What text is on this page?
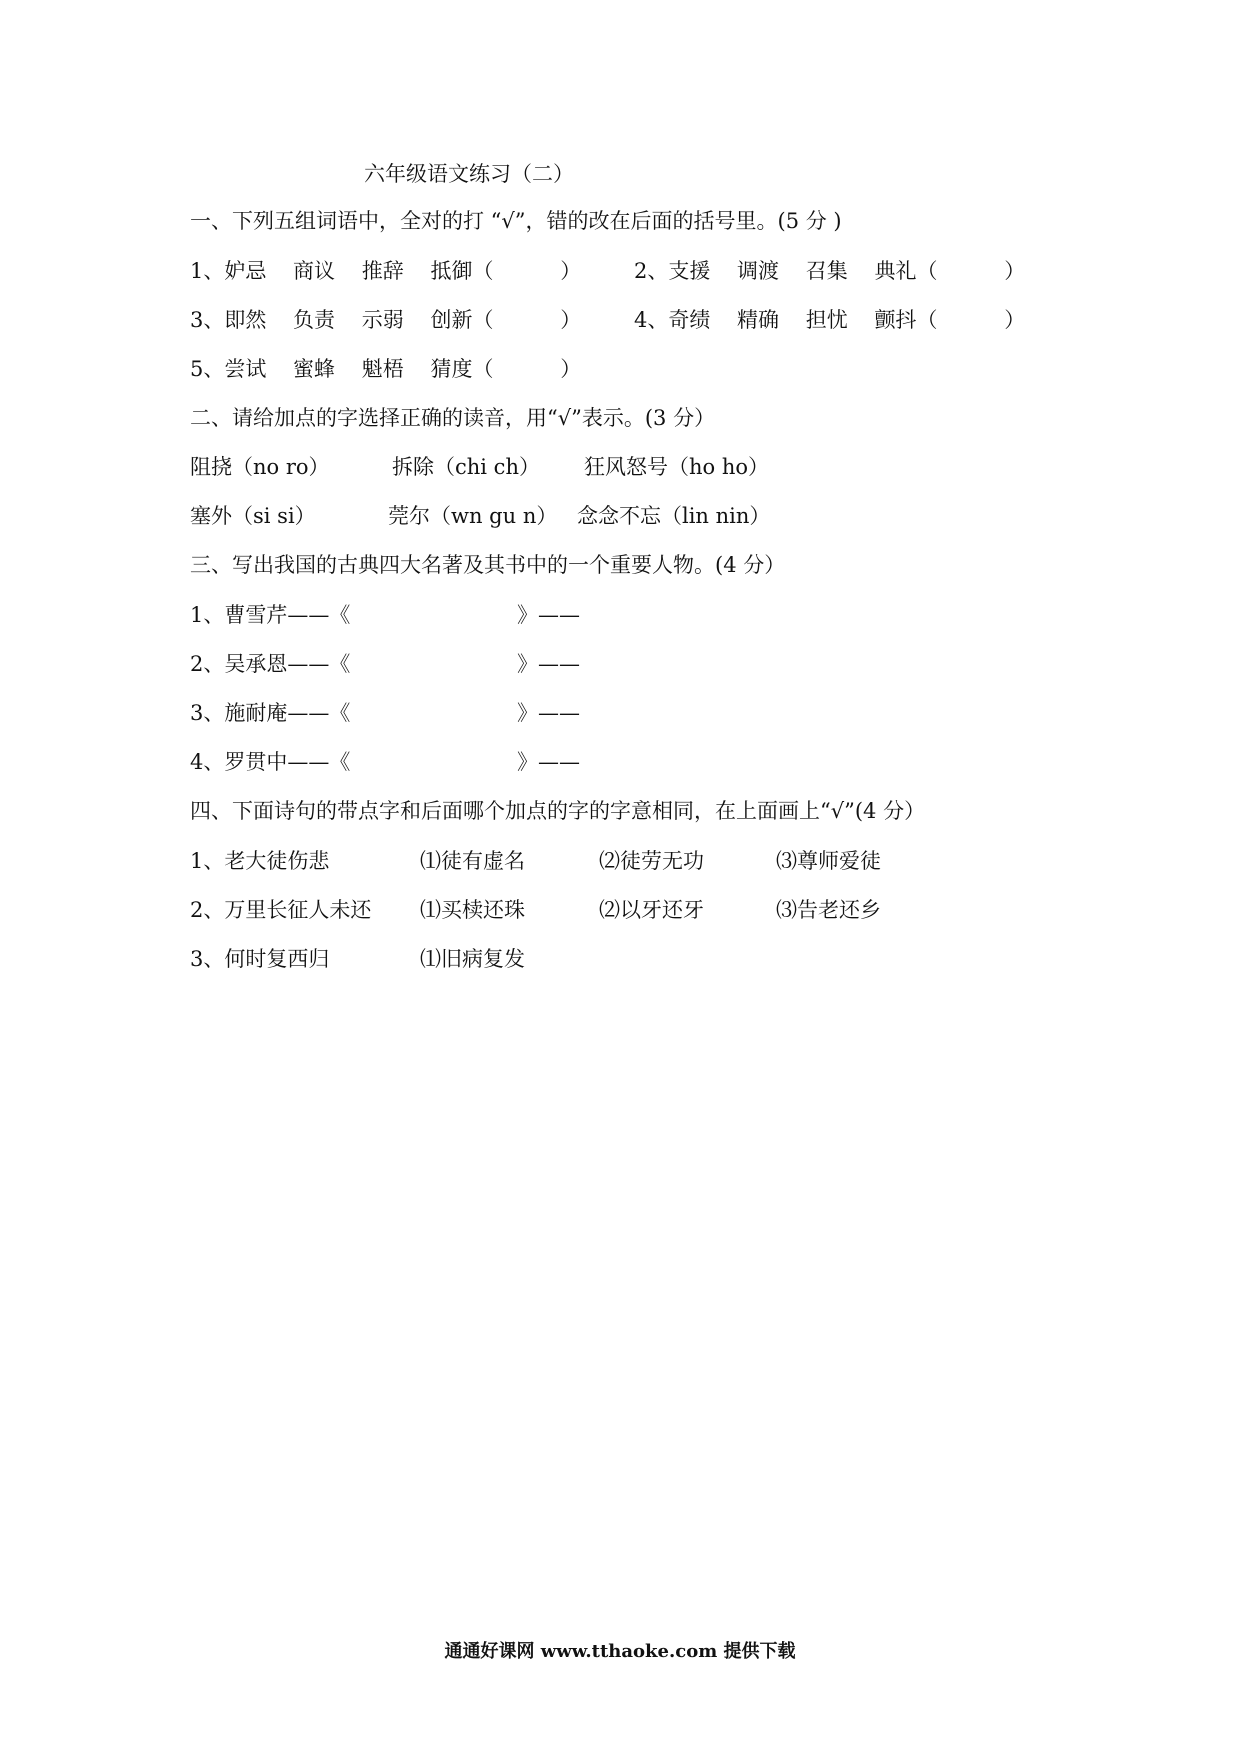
六年级语文练习（二）
一、下列五组词语中，全对的打 “√”，错的改在后面的括号里。(5 分 )
1、妒忌    商议    推辞    抵御（          ）	2、支援    调渡    召集    典礼（          ）
3、即然    负责    示弱    创新（          ）	4、奇绩    精确    担忧    颤抖（          ）
5、尝试    蜜蜂    魁梧    猜度（          ）
二、请给加点的字选择正确的读音，用“√”表示。(3 分）
阻挠（no ro）	拆除（chi ch） 狂风怒号（ho ho）
塞外（si si）	莞尔（wn gu n） 念念不忘（lin nin）
三、写出我国的古典四大名著及其书中的一个重要人物。(4 分）
1、曹雪芹——《	》——
2、吴承恩——《	》——
3、施耐庵——《	》——
4、罗贯中——《	》——
四、下面诗句的带点字和后面哪个加点的字的字意相同，在上面画上“√”(4 分）
1、老大徒伤悲	⑴徒有虚名	⑵徒劳无功	⑶尊师爱徒
2、万里长征人未还 ⑴买椟还珠	⑵以牙还牙	⑶告老还乡
3、何时复西归	⑴旧病复发
通通好课网 www.tthaoke.com 提供下载
